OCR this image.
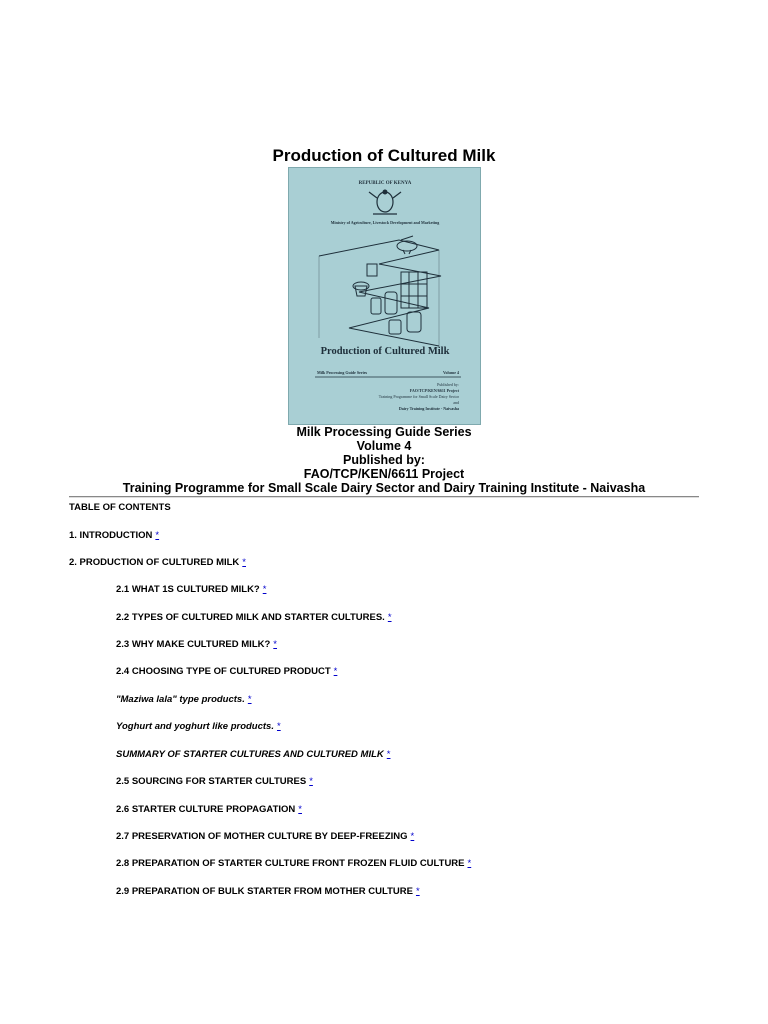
Production of Cultured Milk
REPUBLIC OF KENYA
Ministry of Agriculture, Livestock Development and Marketing
Production of Cultured Milk
Milk Processing Guide Series	Volume 4
Published by:
FAO/TCP/KEN/6611 Project
Training Programme for Small Scale Dairy Sector
and
Dairy Training Institute - Naivasha
Milk Processing Guide Series
Volume 4
Published by:
FAO/TCP/KEN/6611 Project
Training Programme for Small Scale Dairy Sector and Dairy Training Institute - Naivasha
TABLE OF CONTENTS
1. INTRODUCTION *
2. PRODUCTION OF CULTURED MILK *
2.1 WHAT 1S CULTURED MILK? *
2.2 TYPES OF CULTURED MILK AND STARTER CULTURES. *
2.3 WHY MAKE CULTURED MILK? *
2.4 CHOOSING TYPE OF CULTURED PRODUCT *
"Maziwa lala" type products. *
Yoghurt and yoghurt like products. *
SUMMARY OF STARTER CULTURES AND CULTURED MILK *
2.5 SOURCING FOR STARTER CULTURES *
2.6 STARTER CULTURE PROPAGATION *
2.7 PRESERVATION OF MOTHER CULTURE BY DEEP-FREEZING *
2.8 PREPARATION OF STARTER CULTURE FRONT FROZEN FLUID CULTURE *
2.9 PREPARATION OF BULK STARTER FROM MOTHER CULTURE *
